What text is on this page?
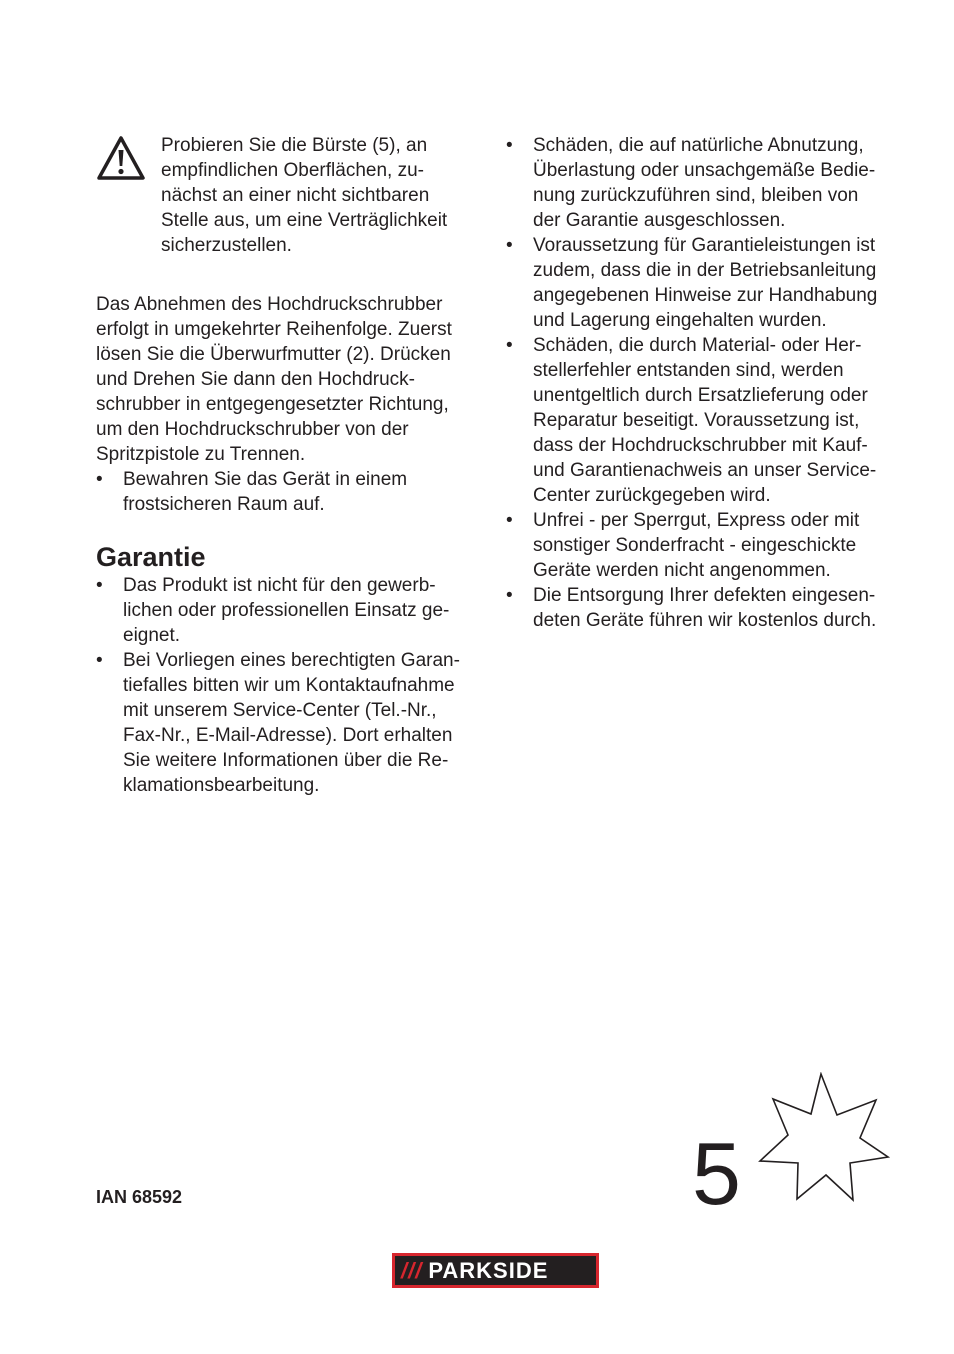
Probieren Sie die Bürste (5), an
empfindlichen Oberflächen, zu-
nächst an einer nicht sichtbaren
Stelle aus, um eine Verträglichkeit
sicherzustellen.

Das Abnehmen des Hochdruckschrubber
erfolgt in umgekehrter Reihenfolge. Zuerst
lösen Sie die Überwurfmutter (2). Drücken
und Drehen Sie dann den Hochdruck-
schrubber in entgegengesetzter Richtung,
um den Hochdruckschrubber von der
Spritzpistole zu Trennen.

• Bewahren Sie das Gerät in einem
frostsicheren Raum auf.
Garantie
• Das Produkt ist nicht für den gewerb-
lichen oder professionellen Einsatz ge-
eignet.
• Bei Vorliegen eines berechtigten Garan-
tiefalles bitten wir um Kontaktaufnahme
mit unserem Service-Center (Tel.-Nr.,
Fax-Nr., E-Mail-Adresse). Dort erhalten
Sie weitere Informationen über die Re-
klamationsbearbeitung.
• Schäden, die auf natürliche Abnutzung,
Überlastung oder unsachgemäße Bedie-
nung zurückzuführen sind, bleiben von
der Garantie ausgeschlossen.
• Voraussetzung für Garantieleistungen ist
zudem, dass die in der Betriebsanleitung
angegebenen Hinweise zur Handhabung
und Lagerung eingehalten wurden.
• Schäden, die durch Material- oder Her-
stellerfehler entstanden sind, werden
unentgeltlich durch Ersatzlieferung oder
Reparatur beseitigt. Voraussetzung ist,
dass der Hochdruckschrubber mit Kauf-
und Garantienachweis an unser Service-
Center zurückgegeben wird.
• Unfrei - per Sperrgut, Express oder mit
sonstiger Sonderfracht - eingeschickte
Geräte werden nicht angenommen.
• Die Entsorgung Ihrer defekten eingesen-
deten Geräte führen wir kostenlos durch.
IAN 68592	5
/// PARKSIDE
